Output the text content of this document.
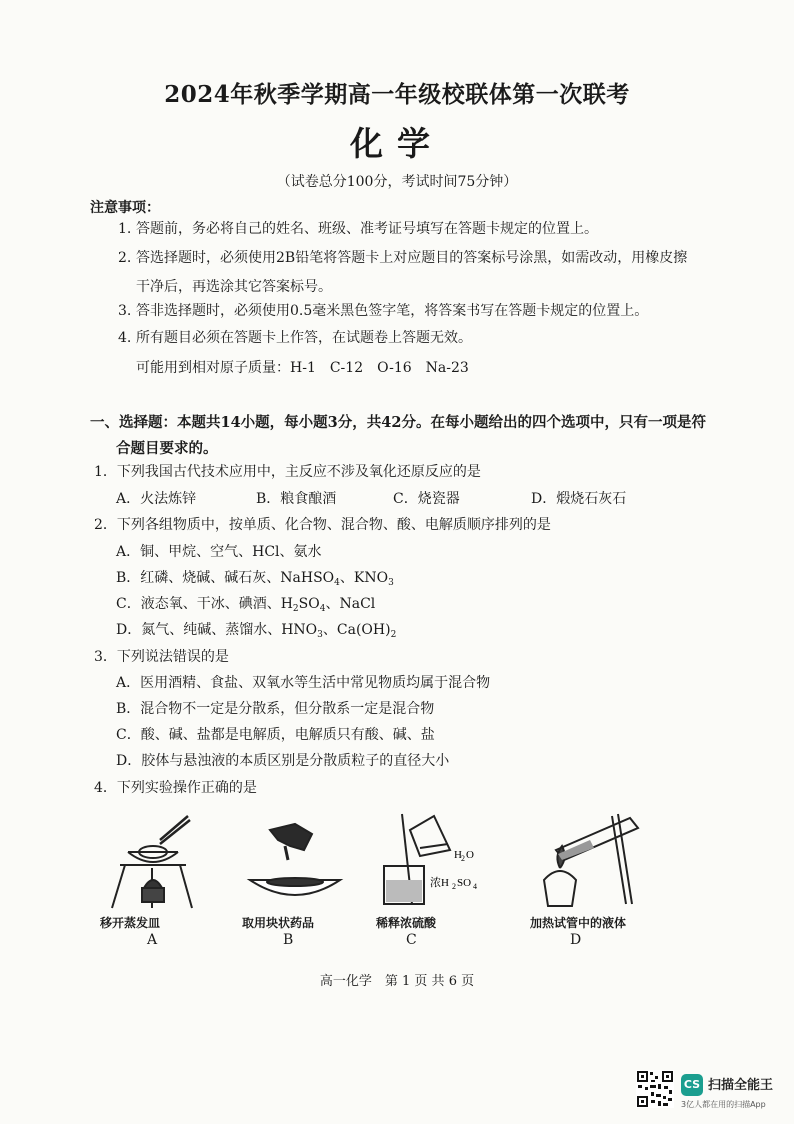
2024年秋季学期高一年级校联体第一次联考
化学
（试卷总分100分，考试时间75分钟）
注意事项：
1. 答题前，务必将自己的姓名、班级、准考证号填写在答题卡规定的位置上。
2. 答选择题时，必须使用2B铅笔将答题卡上对应题目的答案标号涂黑，如需改动，用橡皮擦
干净后，再选涂其它答案标号。
3. 答非选择题时，必须使用0.5毫米黑色签字笔，将答案书写在答题卡规定的位置上。
4. 所有题目必须在答题卡上作答，在试题卷上答题无效。
可能用到相对原子质量：H-1　C-12　O-16　Na-23
一、选择题：本题共14小题，每小题3分，共42分。在每小题给出的四个选项中，只有一项是符
合题目要求的。
1．下列我国古代技术应用中，主反应不涉及氧化还原反应的是
A．火法炼锌	B．粮食酿酒	C．烧瓷器	D．煅烧石灰石
2．下列各组物质中，按单质、化合物、混合物、酸、电解质顺序排列的是
A．铜、甲烷、空气、HCl、氨水
B．红磷、烧碱、碱石灰、NaHSO$_4$、$KNO_3$
C．液态氧、干冰、碘酒、$H_2SO_4$、NaCl
D．氮气、纯碱、蒸馏水、$HNO_3$、$Ca(OH)_2$
3．下列说法错误的是
A．医用酒精、食盐、双氧水等生活中常见物质均属于混合物
B．混合物不一定是分散系，但分散系一定是混合物
C．酸、碱、盐都是电解质，电解质只有酸、碱、盐
D．胶体与悬浊液的本质区别是分散质粒子的直径大小
4．下列实验操作正确的是
移开蒸发皿
A
取用块状药品
B
H 2 O
浓H 2 SO 4
稀释浓硫酸
C
加热试管中的液体
D
高一化学　第 1 页 共 6 页
CS 扫描全能王
3亿人都在用的扫描App
